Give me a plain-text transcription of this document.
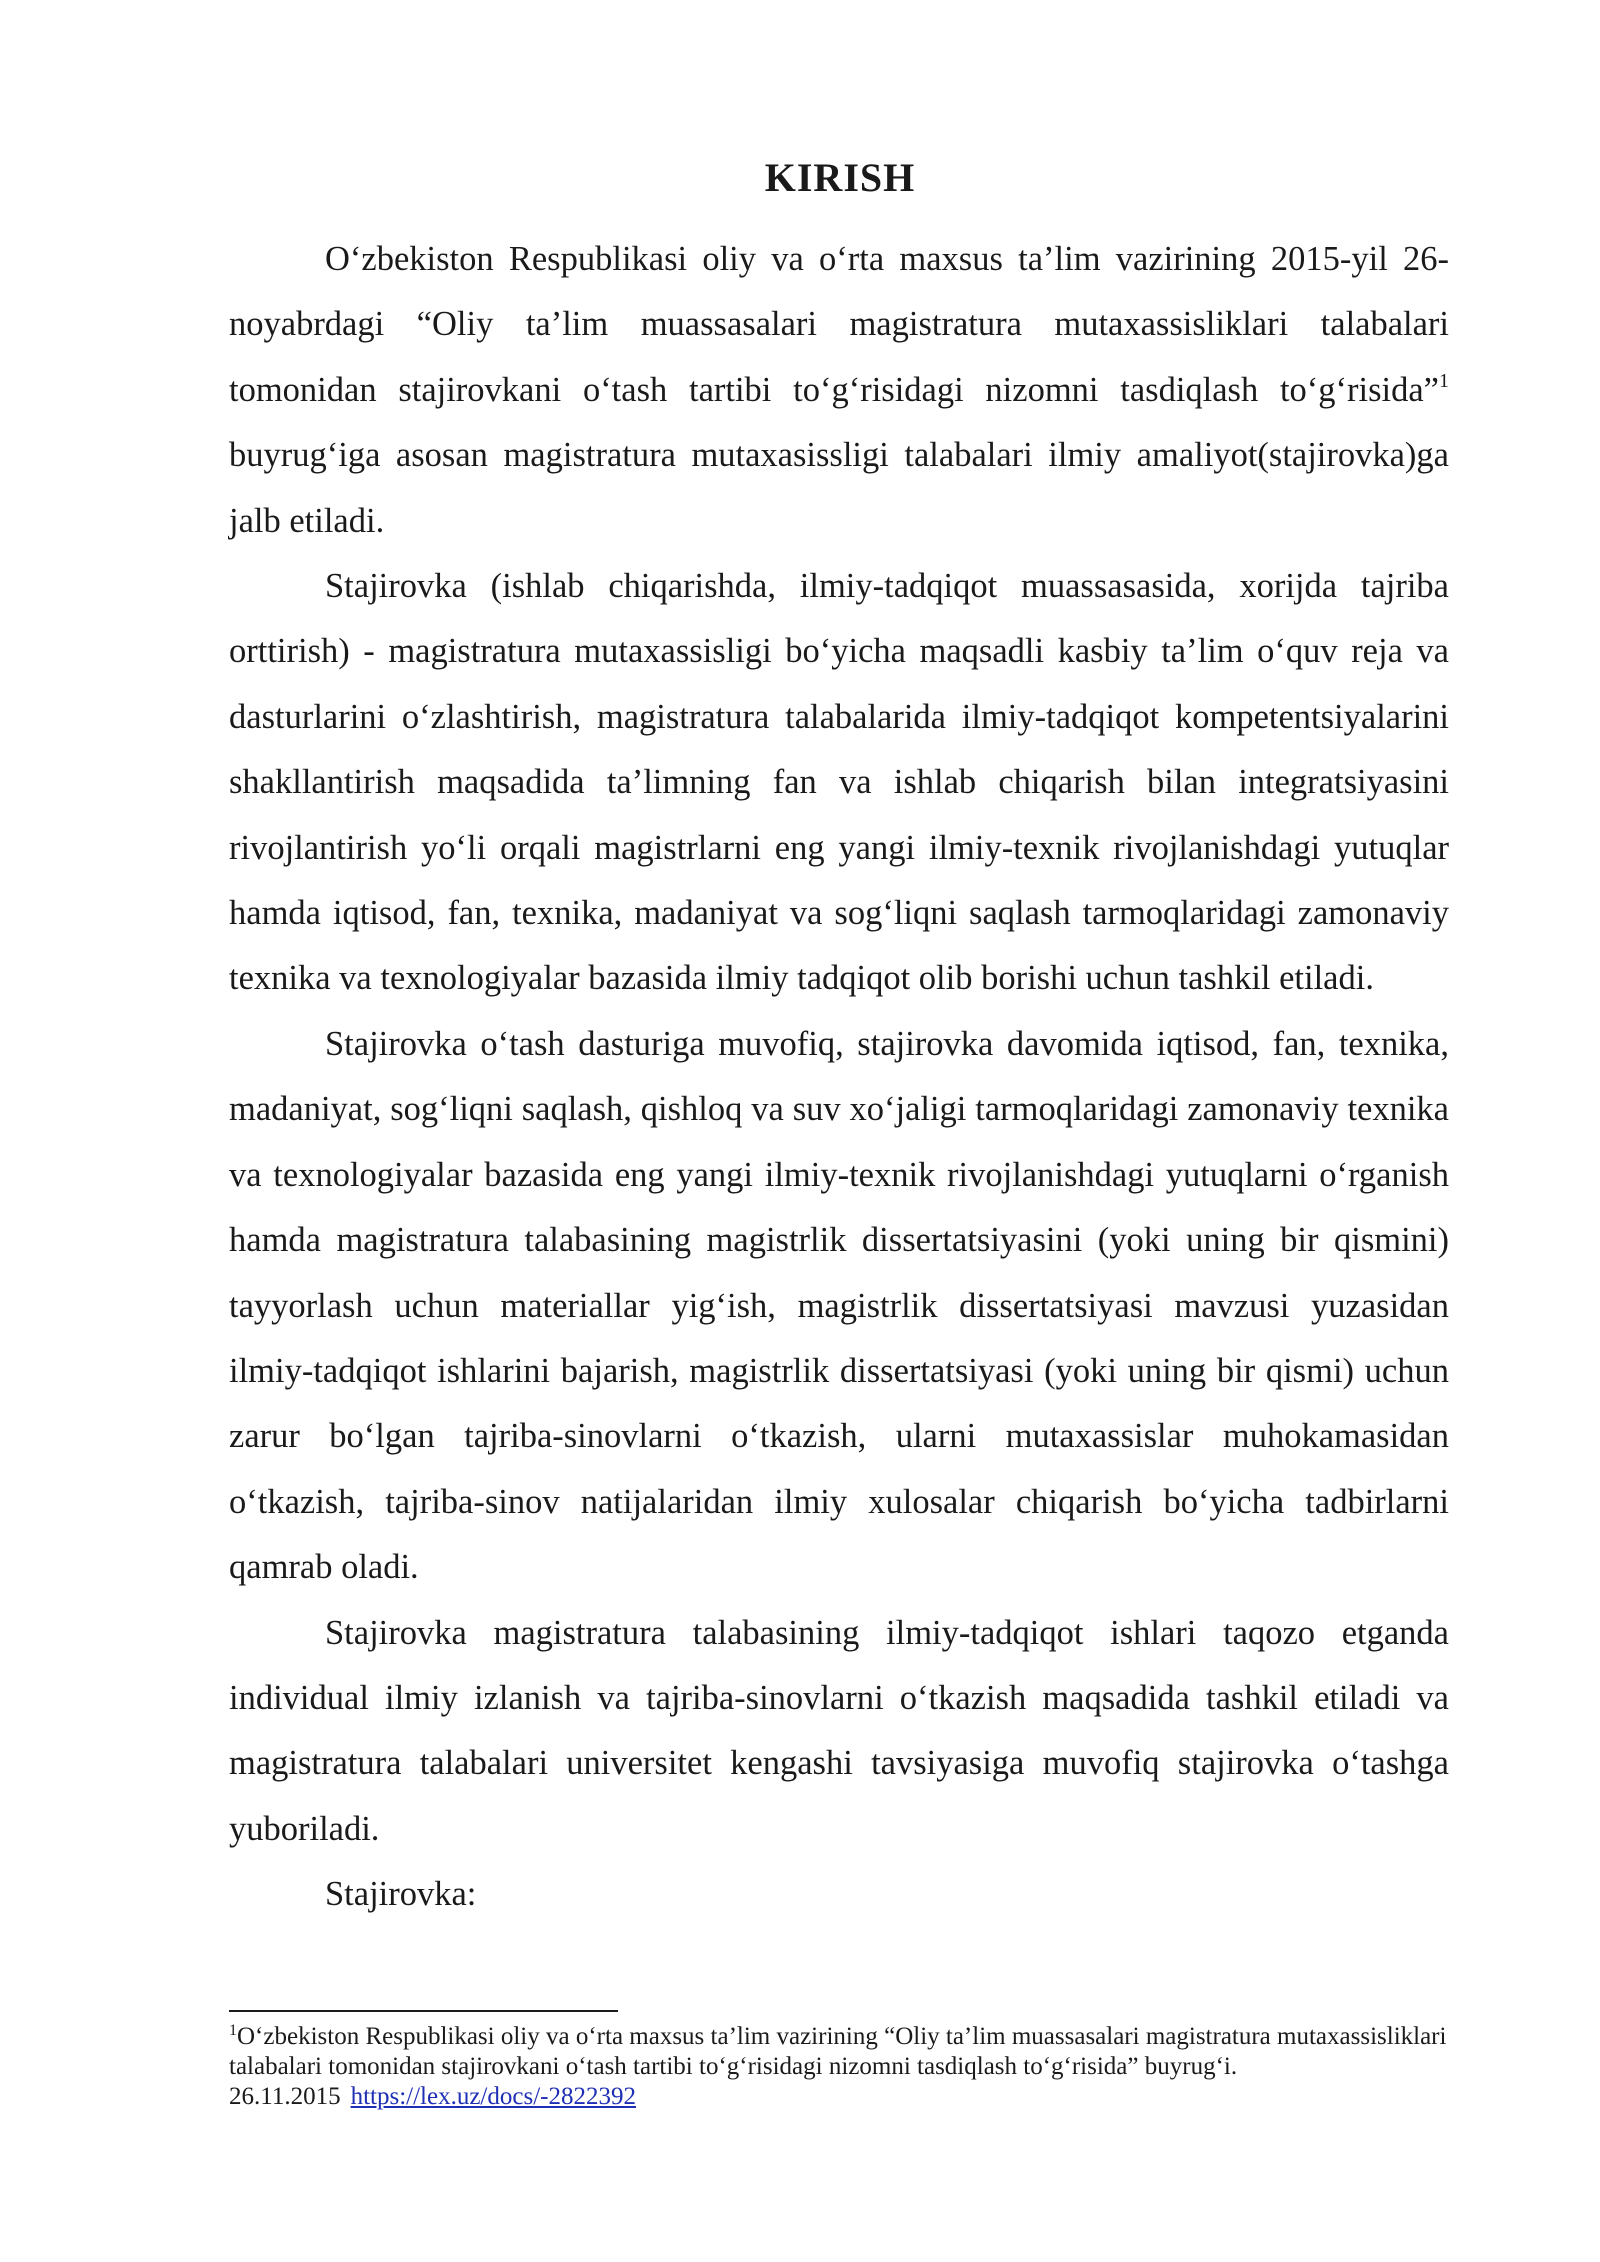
KIRISH

O‘zbekiston Respublikasi oliy va o‘rta maxsus ta’lim vazirining 2015-yil 26-noyabrdagi “Oliy ta’lim muassasalari magistratura mutaxassisliklari talabalari tomonidan stajirovkani o‘tash tartibi to‘g‘risidagi nizomni tasdiqlash to‘g‘risida”$^1$ buyrug‘iga asosan magistratura mutaxasissligi talabalari ilmiy amaliyot(stajirovka)ga jalb etiladi.

Stajirovka (ishlab chiqarishda, ilmiy-tadqiqot muassasasida, xorijda tajriba orttirish) - magistratura mutaxassisligi bo‘yicha maqsadli kasbiy ta’lim o‘quv reja va dasturlarini o‘zlashtirish, magistratura talabalarida ilmiy-tadqiqot kompetentsiyalarini shakllantirish maqsadida ta’limning fan va ishlab chiqarish bilan integratsiyasini rivojlantirish yo‘li orqali magistrlarni eng yangi ilmiy-texnik rivojlanishdagi yutuqlar hamda iqtisod, fan, texnika, madaniyat va sog‘liqni saqlash tarmoqlaridagi zamonaviy texnika va texnologiyalar bazasida ilmiy tadqiqot olib borishi uchun tashkil etiladi.

Stajirovka o‘tash dasturiga muvofiq, stajirovka davomida iqtisod, fan, texnika, madaniyat, sog‘liqni saqlash, qishloq va suv xo‘jaligi tarmoqlaridagi zamonaviy texnika va texnologiyalar bazasida eng yangi ilmiy-texnik rivojlanishdagi yutuqlarni o‘rganish hamda magistratura talabasining magistrlik dissertatsiyasini (yoki uning bir qismini) tayyorlash uchun materiallar yig‘ish, magistrlik dissertatsiyasi mavzusi yuzasidan ilmiy-tadqiqot ishlarini bajarish, magistrlik dissertatsiyasi (yoki uning bir qismi) uchun zarur bo‘lgan tajriba-sinovlarni o‘tkazish, ularni mutaxassislar muhokamasidan o‘tkazish, tajriba-sinov natijalaridan ilmiy xulosalar chiqarish bo‘yicha tadbirlarni qamrab oladi.

Stajirovka magistratura talabasining ilmiy-tadqiqot ishlari taqozo etganda individual ilmiy izlanish va tajriba-sinovlarni o‘tkazish maqsadida tashkil etiladi va magistratura talabalari universitet kengashi tavsiyasiga muvofiq stajirovka o‘tashga yuboriladi.

Stajirovka:

$^1$O‘zbekiston Respublikasi oliy va o‘rta maxsus ta’lim vazirining “Oliy ta’lim muassasalari magistratura mutaxassisliklari talabalari tomonidan stajirovkani o‘tash tartibi to‘g‘risidagi nizomni tasdiqlash to‘g‘risida” buyrug‘i. 26.11.2015 https://lex.uz/docs/-2822392
